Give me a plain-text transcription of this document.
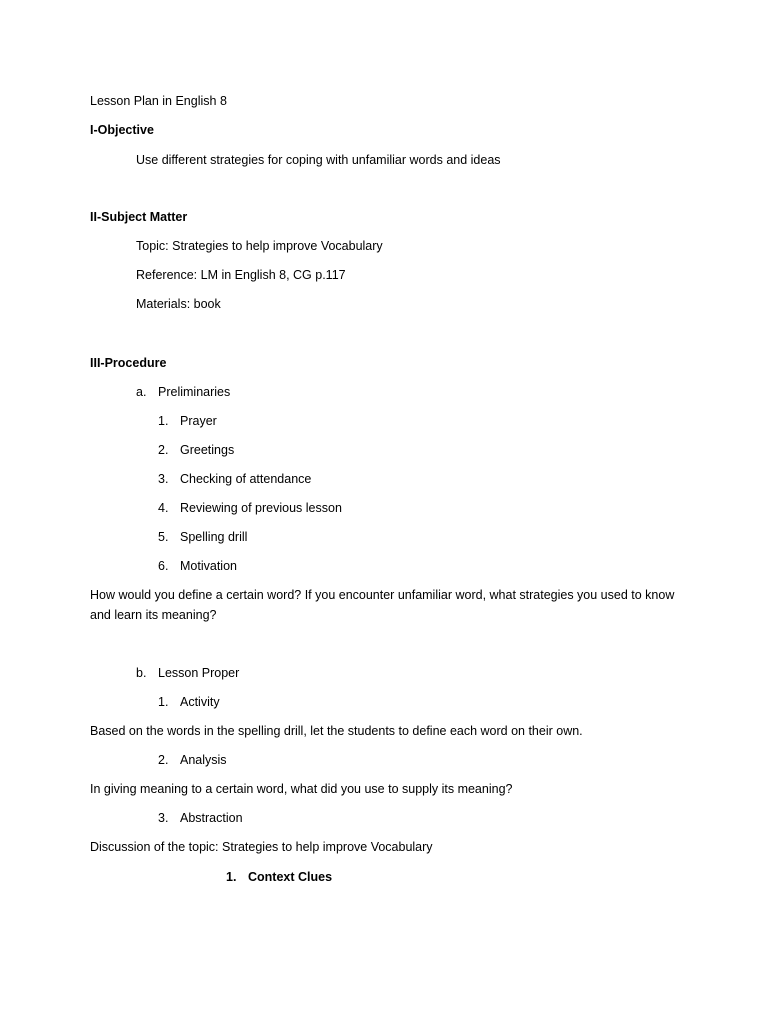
Lesson Plan in English 8
I-Objective
Use different strategies for coping with unfamiliar words and ideas
II-Subject Matter
Topic: Strategies to help improve Vocabulary
Reference: LM in English 8, CG p.117
Materials: book
III-Procedure
a. Preliminaries
1. Prayer
2. Greetings
3. Checking of attendance
4. Reviewing of previous lesson
5. Spelling drill
6. Motivation
How would you define a certain word? If you encounter unfamiliar word, what strategies you used to know and learn its meaning?
b. Lesson Proper
1. Activity
Based on the words in the spelling drill, let the students to define each word on their own.
2. Analysis
In giving meaning to a certain word, what did you use to supply its meaning?
3. Abstraction
Discussion of the topic: Strategies to help improve Vocabulary
1. Context Clues
